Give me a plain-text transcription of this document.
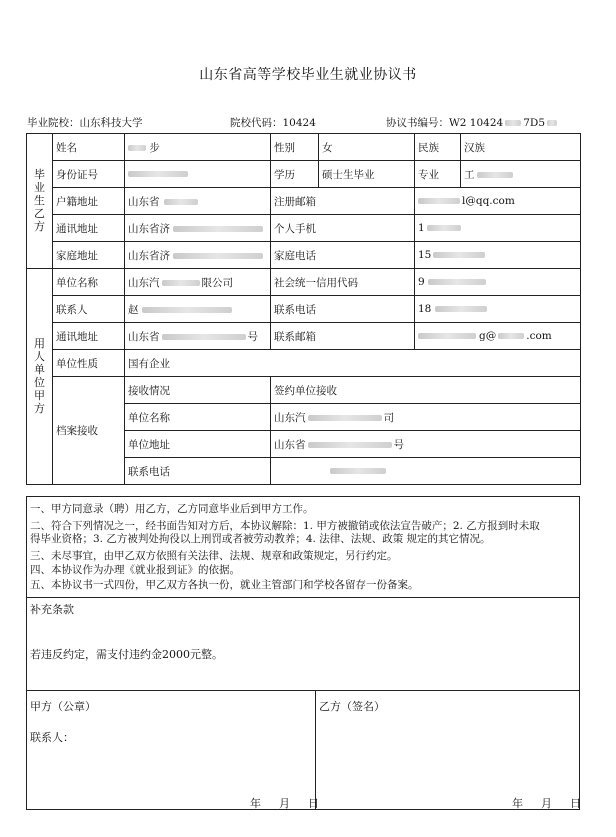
山东省高等学校毕业生就业协议书
毕业院校：山东科技大学	院校代码：10424	协议书编号：W2 10424 7D5
毕业生乙方	姓名	步	性别	女	民族	汉族
	身份证号		学历	硕士生毕业	专业	工
	户籍地址	山东省	注册邮箱		l@qq.com	
	通讯地址	山东省济	个人手机		1	
	家庭地址	山东省济	家庭电话		15	
用人单位甲方	单位名称	山东汽 限公司	社会统一信用代码		9	
	联系人	赵	联系电话		18	
	通讯地址	山东省 号	联系邮箱		g@ .com	
	单位性质	国有企业				
	档案接收	接收情况	签约单位接收			
		单位名称	山东汽 司			
		单位地址	山东省 号			
		联系电话				
一、甲方同意录（聘）用乙方，乙方同意毕业后到甲方工作。
二、符合下列情况之一，经书面告知对方后，本协议解除：1. 甲方被撤销或依法宣告破产；2. 乙方报到时未取
得毕业资格；3. 乙方被判处拘役以上刑罚或者被劳动教养；4. 法律、法规、政策 规定的其它情况。
三、未尽事宜，由甲乙双方依照有关法律、法规、规章和政策规定，另行约定。
四、本协议作为办理《就业报到证》的依据。
五、本协议书一式四份，甲乙双方各执一份，就业主管部门和学校各留存一份备案。
补充条款
若违反约定，需支付违约金2000元整。
甲方（公章）
联系人：
乙方（签名）
年 月 日	年 月 日
